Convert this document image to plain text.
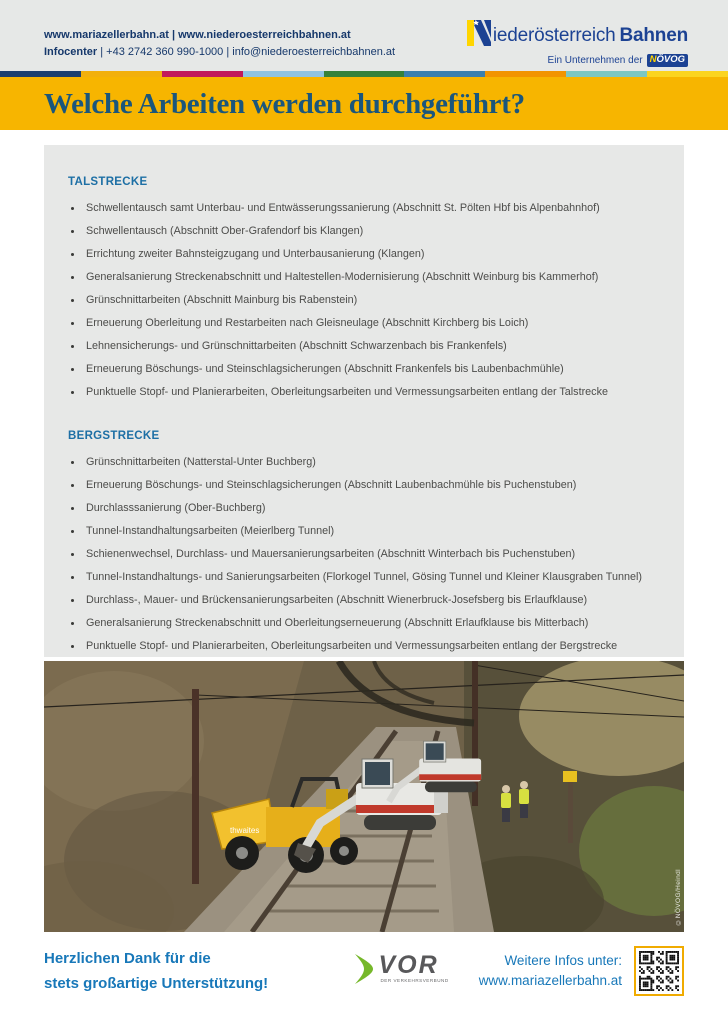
www.mariazellerbahn.at | www.niederoesterreichbahnen.at
Infocenter | +43 2742 360 990-1000 | info@niederoesterreichbahnen.at
iederösterreich Bahnen
Ein Unternehmen der NÖVOG
Welche Arbeiten werden durchgeführt?
TALSTRECKE
• Schwellentausch samt Unterbau- und Entwässerungssanierung (Abschnitt St. Pölten Hbf bis Alpenbahnhof)
• Schwellentausch (Abschnitt Ober-Grafendorf bis Klangen)
• Errichtung zweiter Bahnsteigzugang und Unterbausanierung (Klangen)
• Generalsanierung Streckenabschnitt und Haltestellen-Modernisierung (Abschnitt Weinburg bis Kammerhof)
• Grünschnittarbeiten (Abschnitt Mainburg bis Rabenstein)
• Erneuerung Oberleitung und Restarbeiten nach Gleisneulage (Abschnitt Kirchberg bis Loich)
• Lehnensicherungs- und Grünschnittarbeiten (Abschnitt Schwarzenbach bis Frankenfels)
• Erneuerung Böschungs- und Steinschlagsicherungen (Abschnitt Frankenfels bis Laubenbachmühle)
• Punktuelle Stopf- und Planierarbeiten, Oberleitungsarbeiten und Vermessungsarbeiten entlang der Talstrecke
BERGSTRECKE
• Grünschnittarbeiten (Natterstal-Unter Buchberg)
• Erneuerung Böschungs- und Steinschlagsicherungen (Abschnitt Laubenbachmühle bis Puchenstuben)
• Durchlasssanierung (Ober-Buchberg)
• Tunnel-Instandhaltungsarbeiten (Meierlberg Tunnel)
• Schienenwechsel, Durchlass- und Mauersanierungsarbeiten (Abschnitt Winterbach bis Puchenstuben)
• Tunnel-Instandhaltungs- und Sanierungsarbeiten (Florkogel Tunnel, Gösing Tunnel und Kleiner Klausgraben Tunnel)
• Durchlass-, Mauer- und Brückensanierungsarbeiten (Abschnitt Wienerbruck-Josefsberg bis Erlaufklause)
• Generalsanierung Streckenabschnitt und Oberleitungserneuerung (Abschnitt Erlaufklause bis Mitterbach)
• Punktuelle Stopf- und Planierarbeiten, Oberleitungsarbeiten und Vermessungsarbeiten entlang der Bergstrecke
thwaites
©NÖVOG/Heindl
Herzlichen Dank für die
stets großartige Unterstützung!
VOR
DER VERKEHRSVERBUND
Weitere Infos unter:
www.mariazellerbahn.at
